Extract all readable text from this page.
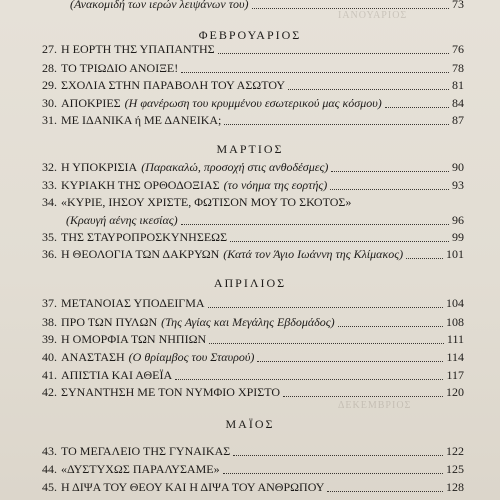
ΙΑΝΟΥΑΡΙΟΣ
ΔΕΚΕΜΒΡΙΟΣ
(Ανακομιδή των ιερών λειψάνων του)	73
ΦΕΒΡΟΥΑΡΙΟΣ
27. Η ΕΟΡΤΗ ΤΗΣ ΥΠΑΠΑΝΤΗΣ	76
28. ΤΟ ΤΡΙΩΔΙΟ ΑΝΟΙΞΕ!	78
29. ΣΧΟΛΙΑ ΣΤΗΝ ΠΑΡΑΒΟΛΗ ΤΟΥ ΑΣΩΤΟΥ	81
30. ΑΠΟΚΡΙΕΣ (Η φανέρωση του κρυμμένου εσωτερικού μας κόσμου)	84
31. ΜΕ ΙΔΑΝΙΚΑ ή ΜΕ ΔΑΝΕΙΚΑ;	87
ΜΑΡΤΙΟΣ
32. Η ΥΠΟΚΡΙΣΙΑ (Παρακαλώ, προσοχή στις ανθοδέσμες)	90
33. ΚΥΡΙΑΚΗ ΤΗΣ ΟΡΘΟΔΟΞΙΑΣ (το νόημα της εορτής)	93
34. «ΚΥΡΙΕ, ΙΗΣΟΥ ΧΡΙΣΤΕ, ΦΩΤΙΣΟΝ ΜΟΥ ΤΟ ΣΚΟΤΟΣ»
(Κραυγή αένης ικεσίας)	96
35. ΤΗΣ ΣΤΑΥΡΟΠΡΟΣΚΥΝΗΣΕΩΣ	99
36. Η ΘΕΟΛΟΓΙΑ ΤΩΝ ΔΑΚΡΥΩΝ (Κατά τον Άγιο Ιωάννη της Κλίμακος)	101
ΑΠΡΙΛΙΟΣ
37. ΜΕΤΑΝΟΙΑΣ ΥΠΟΔΕΙΓΜΑ	104
38. ΠΡΟ ΤΩΝ ΠΥΛΩΝ (Της Αγίας και Μεγάλης Εβδομάδος)	108
39. Η ΟΜΟΡΦΙΑ ΤΩΝ ΝΗΠΙΩΝ	111
40. ΑΝΑΣΤΑΣΗ (Ο θρίαμβος του Σταυρού)	114
41. ΑΠΙΣΤΙΑ ΚΑΙ ΑΘΕΪΑ	117
42. ΣΥΝΑΝΤΗΣΗ ΜΕ ΤΟΝ ΝΥΜΦΙΟ ΧΡΙΣΤΟ	120
ΜΑΪΟΣ
43. ΤΟ ΜΕΓΑΛΕΙΟ ΤΗΣ ΓΥΝΑΙΚΑΣ	122
44. «ΔΥΣΤΥΧΩΣ ΠΑΡΑΛΥΣΑΜΕ»	125
45. Η ΔΙΨΑ ΤΟΥ ΘΕΟΥ ΚΑΙ Η ΔΙΨΑ ΤΟΥ ΑΝΘΡΩΠΟΥ	128
